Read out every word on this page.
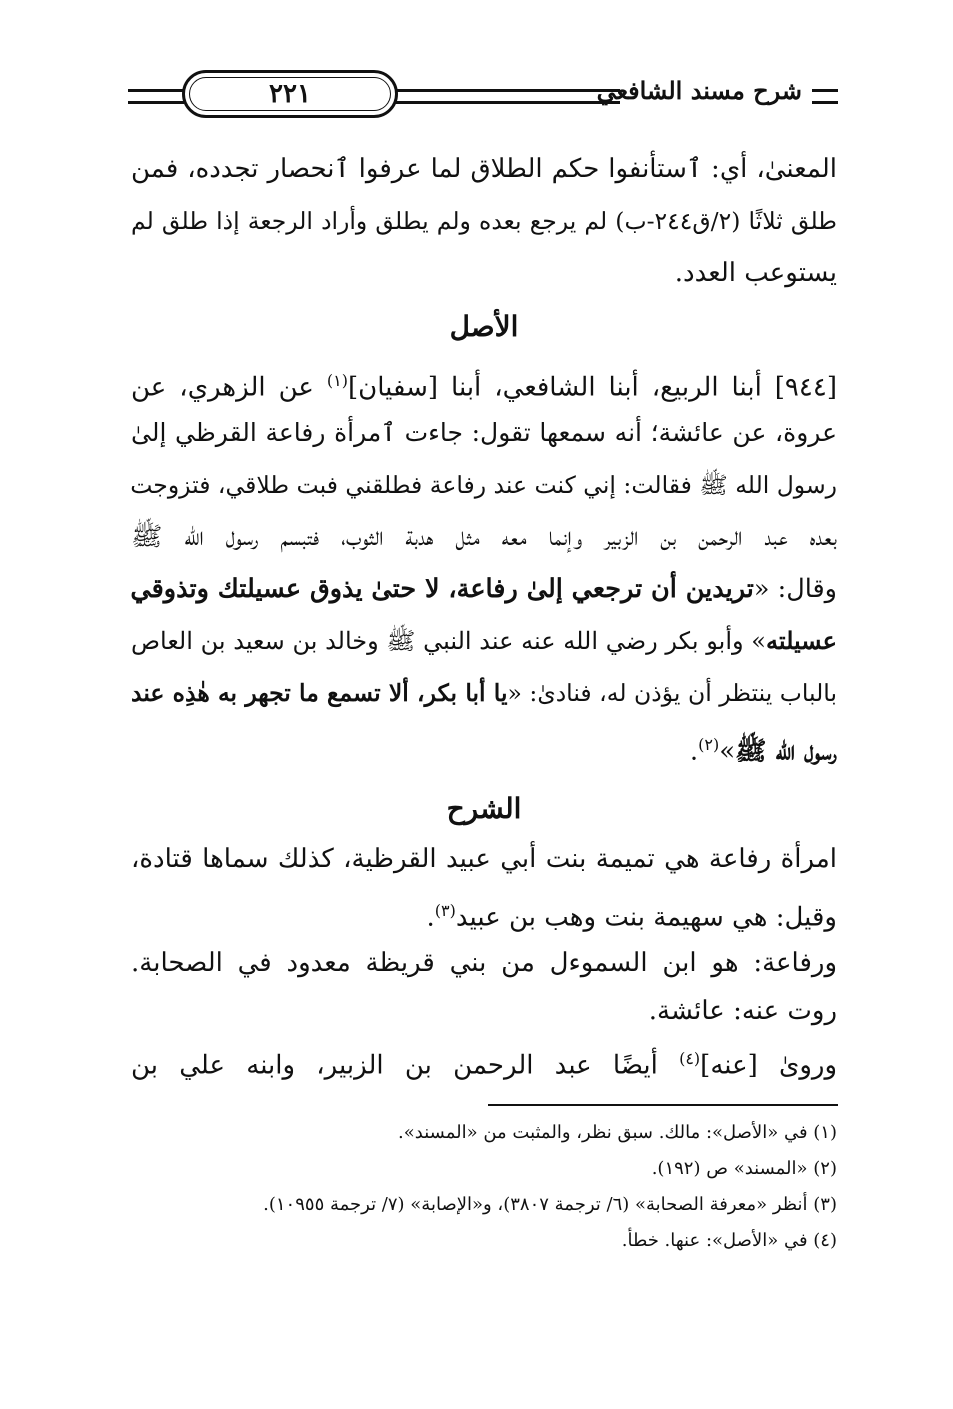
شرح مسند الشافعي
٢٢١
المعنىٰ، أي: ٱستأنفوا حكم الطلاق لما عرفوا ٱنحصار تجدده، فمن
طلق ثلاثًا (٢/ق٢٤٤-ب) لم يرجع بعده ولم يطلق وأراد الرجعة إذا طلق لم
يستوعب العدد.
الأصل
[٩٤٤] أبنا الربيع، أبنا الشافعي، أبنا [سفيان]$^{(١)}$ عن الزهري، عن
عروة، عن عائشة؛ أنه سمعها تقول: جاءت ٱمرأة رفاعة القرظي إلىٰ
رسول الله ﷺ فقالت: إني كنت عند رفاعة فطلقني فبت طلاقي، فتزوجت
بعده عبد الرحمن بن الزبير وإنما معه مثل هدبة الثوب، فتبسم رسول الله ﷺ
وقال: «تريدين أن ترجعي إلىٰ رفاعة، لا حتىٰ يذوق عسيلتك وتذوقي
عسيلته» وأبو بكر رضي الله عنه عند النبي ﷺ وخالد بن سعيد بن العاص
بالباب ينتظر أن يؤذن له، فنادىٰ: «يا أبا بكر، ألا تسمع ما تجهر به هٰذِه عند
رسول الله ﷺ»$^{(٢)}$.
الشرح
امرأة رفاعة هي تميمة بنت أبي عبيد القرظية، كذلك سماها قتادة،
وقيل: هي سهيمة بنت وهب بن عبيد$^{(٣)}$.
ورفاعة: هو ابن السموءل من بني قريظة معدود في الصحابة.
روت عنه: عائشة.
وروىٰ [عنه]$^{(٤)}$ أيضًا عبد الرحمن بن الزبير، وابنه علي بن
(١) في «الأصل»: مالك. سبق نظر، والمثبت من «المسند».
(٢) «المسند» ص (١٩٢).
(٣) أنظر «معرفة الصحابة» (٦/ ترجمة ٣٨٠٧)، و«الإصابة» (٧/ ترجمة ١٠٩٥٥).
(٤) في «الأصل»: عنها. خطأ.
